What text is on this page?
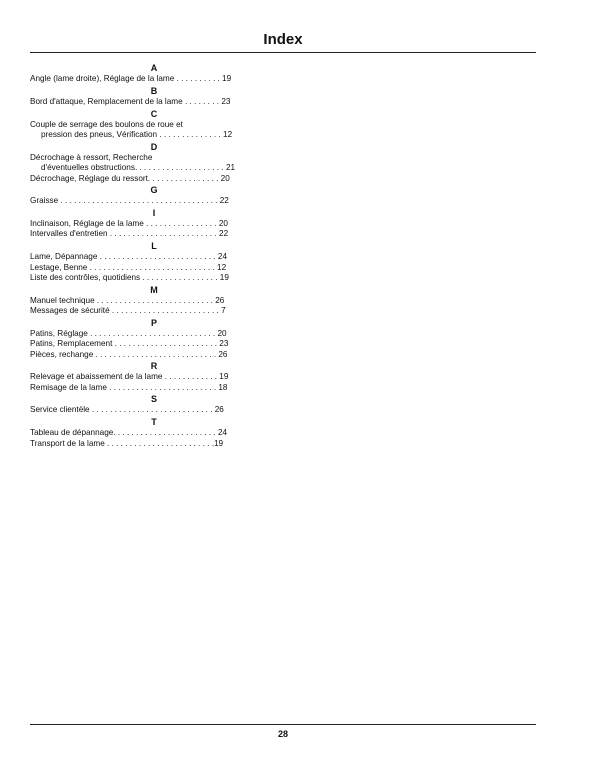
Index
A
Angle (lame droite), Réglage de la lame . . . . . . . . . . 19
B
Bord d'attaque, Remplacement de la lame . . . . . . . . 23
C
Couple de serrage des boulons de roue et
pression des pneus, Vérification . . . . . . . . . . . . . . 12
D
Décrochage à ressort, Recherche
d'éventuelles obstructions. . . . . . . . . . . . . . . . . . . . 21
Décrochage, Réglage du ressort. . . . . . . . . . . . . . . . 20
G
Graisse . . . . . . . . . . . . . . . . . . . . . . . . . . . . . . . . . . . 22
I
Inclinaison, Réglage de la lame . . . . . . . . . . . . . . . . 20
Intervalles d'entretien . . . . . . . . . . . . . . . . . . . . . . . . 22
L
Lame, Dépannage . . . . . . . . . . . . . . . . . . . . . . . . . . 24
Lestage, Benne . . . . . . . . . . . . . . . . . . . . . . . . . . . . 12
Liste des contrôles, quotidiens . . . . . . . . . . . . . . . . . 19
M
Manuel technique . . . . . . . . . . . . . . . . . . . . . . . . . . 26
Messages de sécurité . . . . . . . . . . . . . . . . . . . . . . . . 7
P
Patins, Réglage . . . . . . . . . . . . . . . . . . . . . . . . . . . . 20
Patins, Remplacement . . . . . . . . . . . . . . . . . . . . . . . 23
Pièces, rechange . . . . . . . . . . . . . . . . . . . . . . . . . . . 26
R
Relevage et abaissement de la lame . . . . . . . . . . . . 19
Remisage de la lame . . . . . . . . . . . . . . . . . . . . . . . . 18
S
Service clientèle . . . . . . . . . . . . . . . . . . . . . . . . . . . 26
T
Tableau de dépannage. . . . . . . . . . . . . . . . . . . . . . . 24
Transport de la lame . . . . . . . . . . . . . . . . . . . . . . . .19
28
